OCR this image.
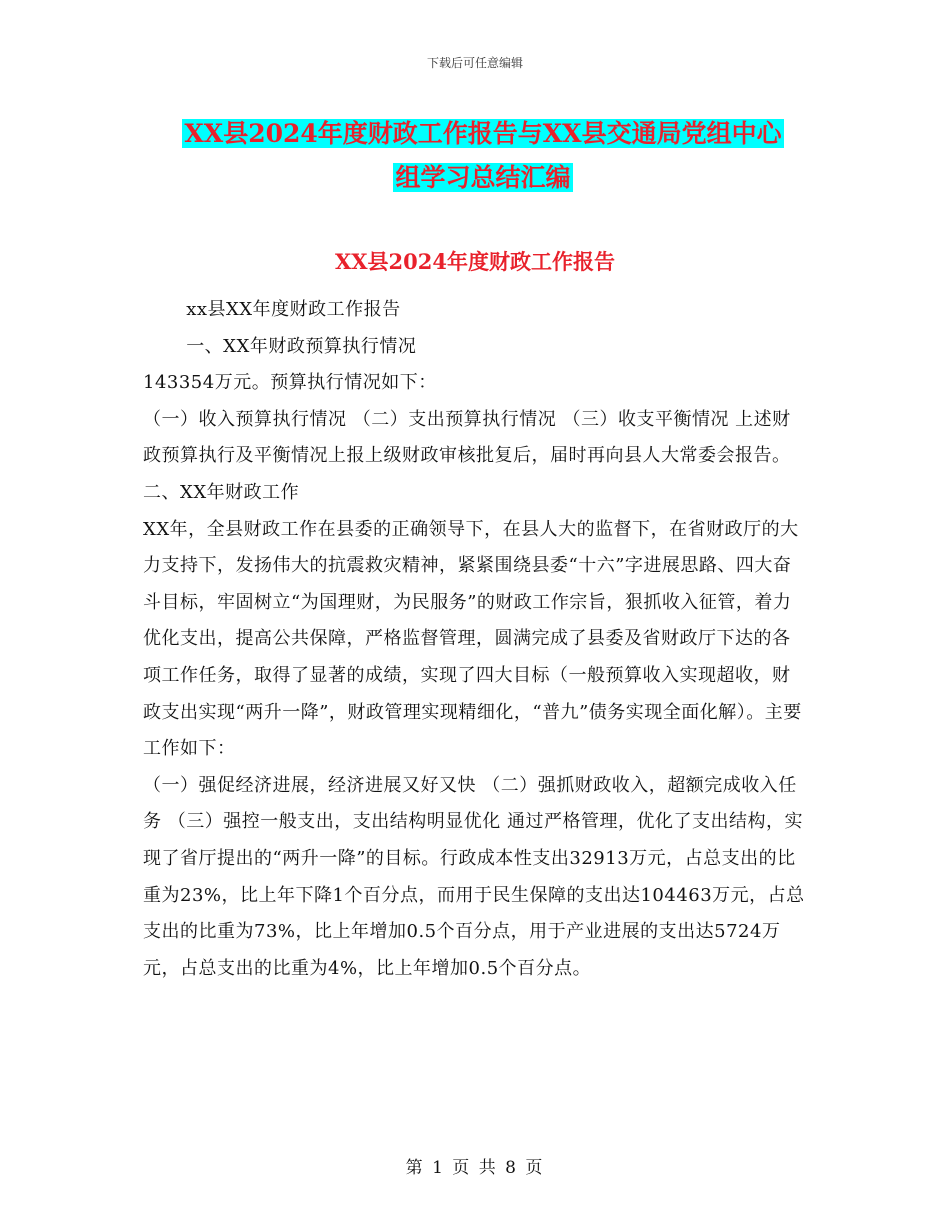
下载后可任意编辑
XX县2024年度财政工作报告与XX县交通局党组中心
组学习总结汇编
XX县2024年度财政工作报告

xx县XX年度财政工作报告

一、XX年财政预算执行情况

143354万元。预算执行情况如下：

（一）收入预算执行情况 （二）支出预算执行情况 （三）收支平衡情况 上述财政预算执行及平衡情况上报上级财政审核批复后，届时再向县人大常委会报告。

二、XX年财政工作

XX年，全县财政工作在县委的正确领导下，在县人大的监督下，在省财政厅的大力支持下，发扬伟大的抗震救灾精神，紧紧围绕县委“十六”字进展思路、四大奋斗目标，牢固树立“为国理财，为民服务”的财政工作宗旨，狠抓收入征管，着力优化支出，提高公共保障，严格监督管理，圆满完成了县委及省财政厅下达的各项工作任务，取得了显著的成绩，实现了四大目标（一般预算收入实现超收，财政支出实现“两升一降”，财政管理实现精细化，“普九”债务实现全面化解）。主要工作如下：

（一）强促经济进展，经济进展又好又快 （二）强抓财政收入，超额完成收入任务 （三）强控一般支出，支出结构明显优化 通过严格管理，优化了支出结构，实现了省厅提出的“两升一降”的目标。行政成本性支出32913万元，占总支出的比重为23%，比上年下降1个百分点，而用于民生保障的支出达104463万元，占总支出的比重为73%，比上年增加0.5个百分点，用于产业进展的支出达5724万元，占总支出的比重为4%，比上年增加0.5个百分点。

第 1 页 共 8 页
